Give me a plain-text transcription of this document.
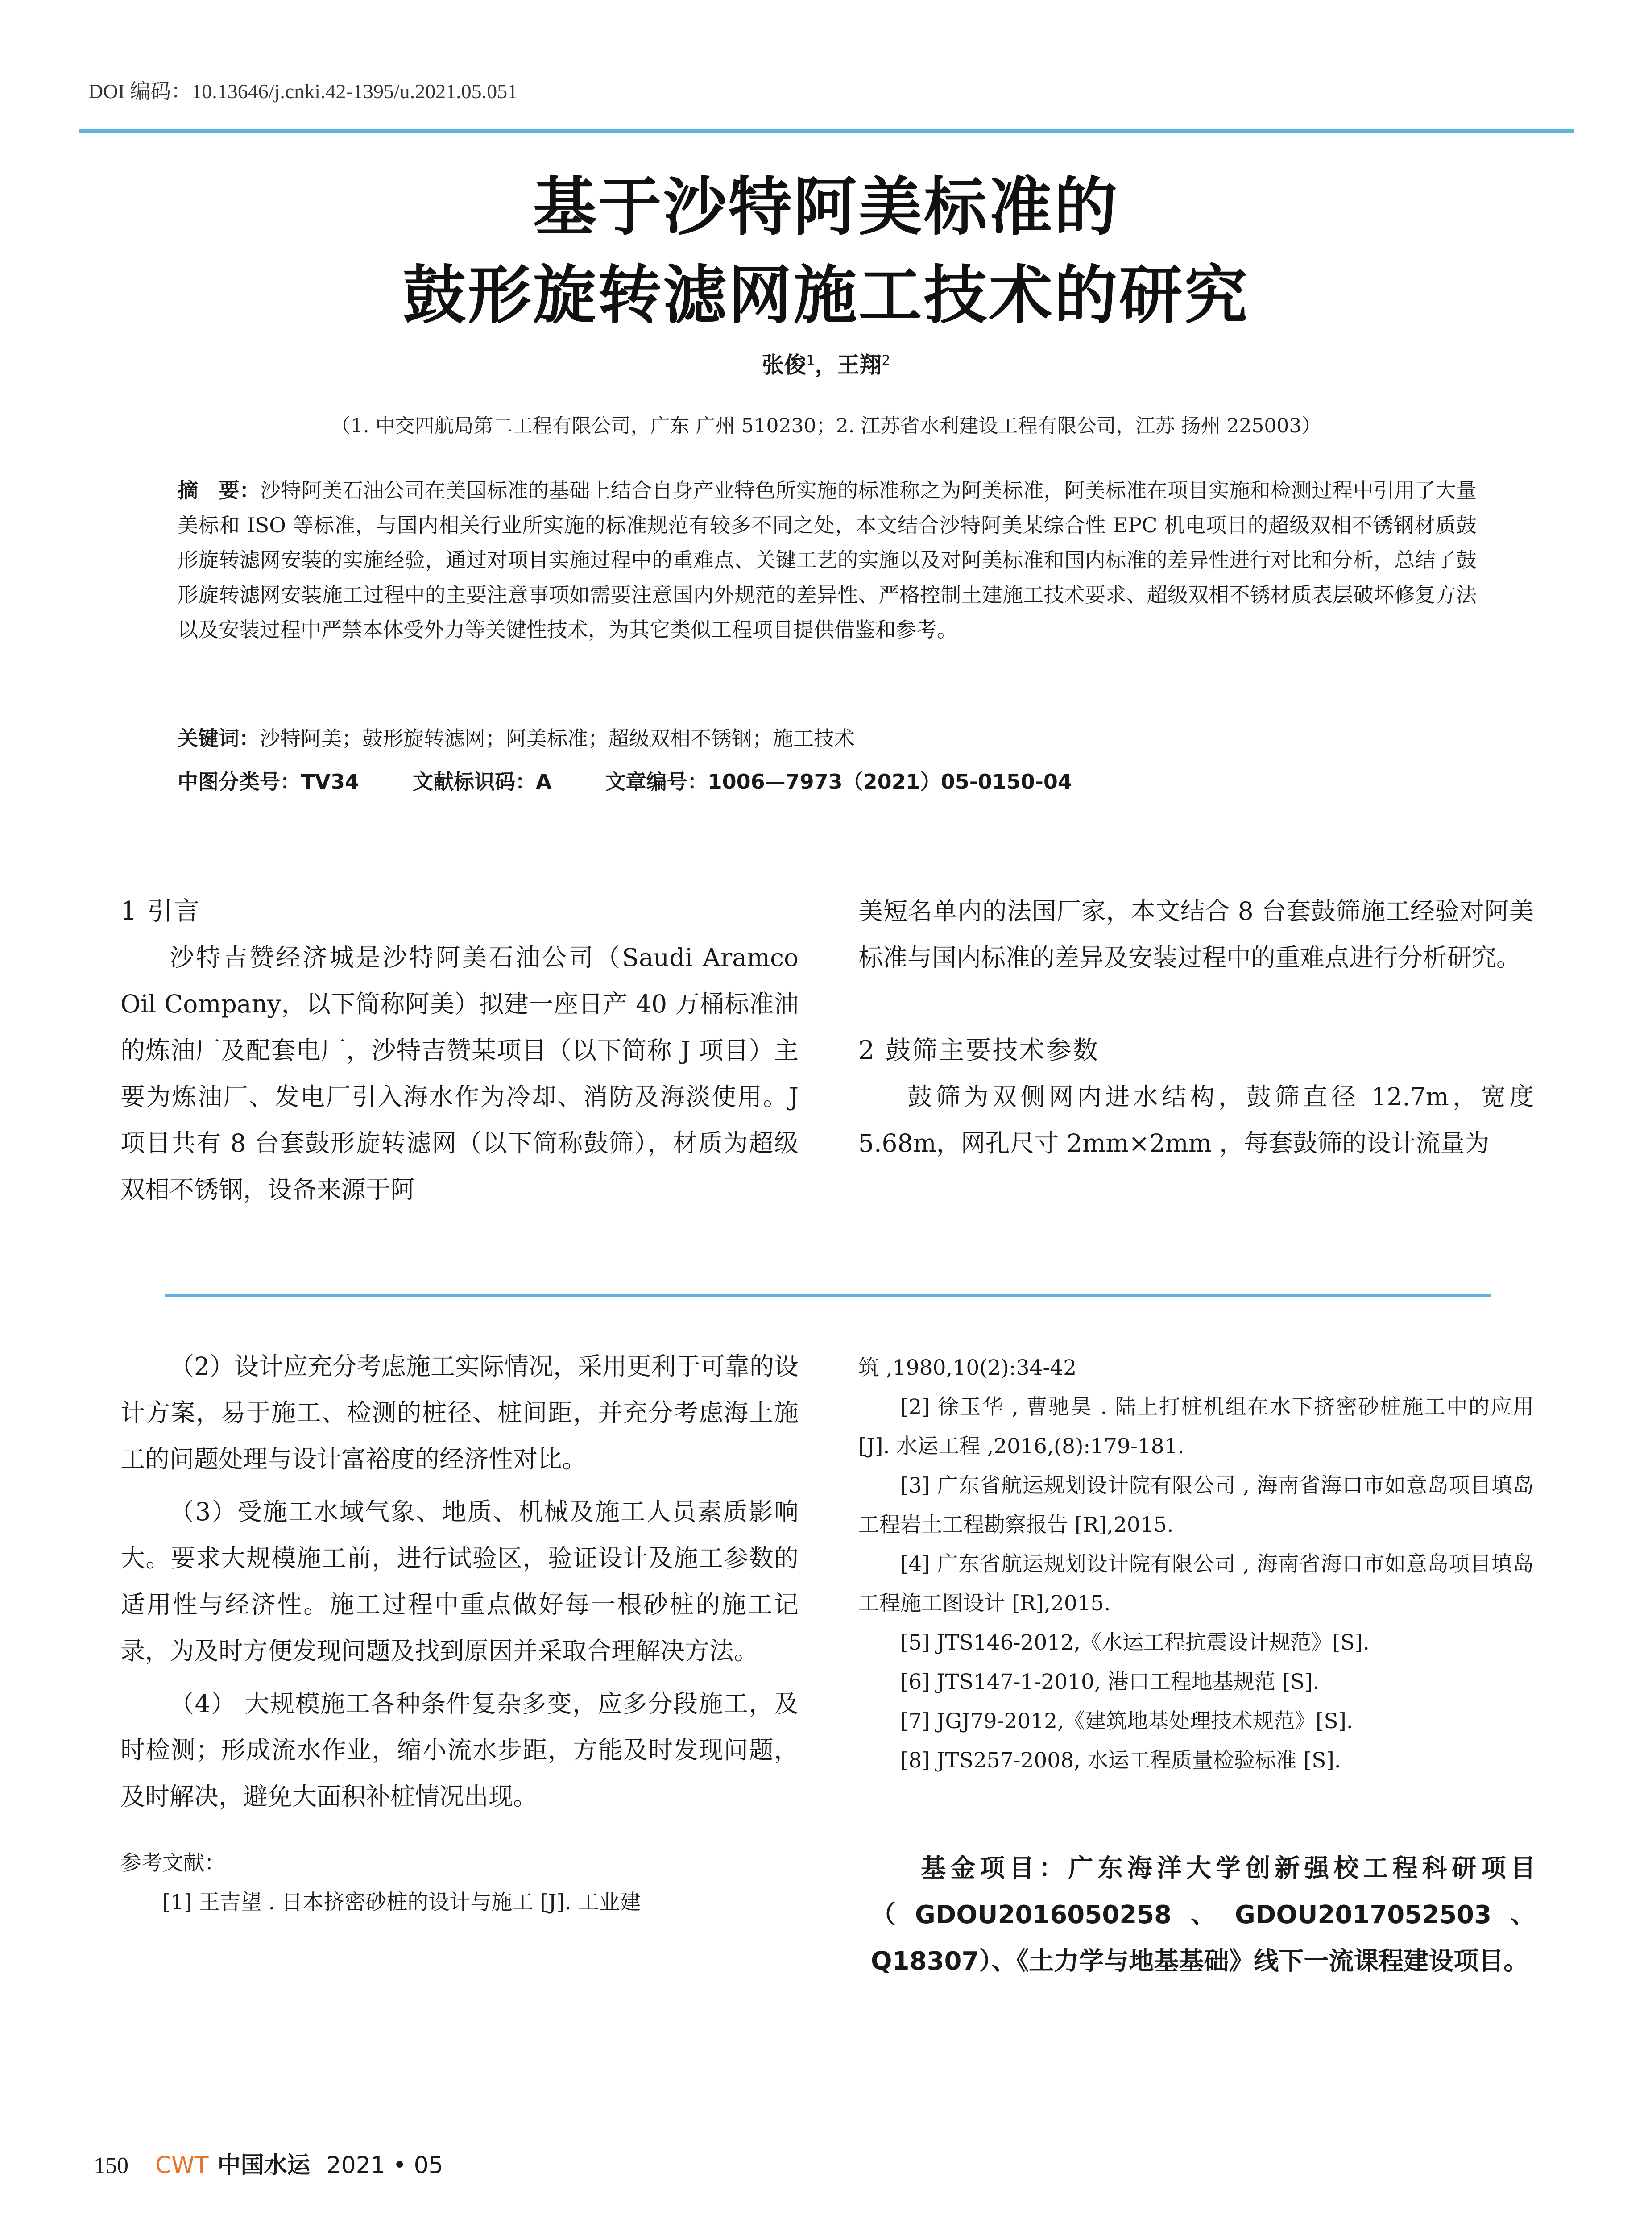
DOI 编码：10.13646/j.cnki.42-1395/u.2021.05.051
基于沙特阿美标准的
鼓形旋转滤网施工技术的研究
张俊$^1$，王翔$^2$
（1. 中交四航局第二工程有限公司，广东 广州 510230；2. 江苏省水利建设工程有限公司，江苏 扬州 225003）
摘　要：沙特阿美石油公司在美国标准的基础上结合自身产业特色所实施的标准称之为阿美标准，阿美标准在项目实施和检测过程中引用了大量美标和 ISO 等标准，与国内相关行业所实施的标准规范有较多不同之处，本文结合沙特阿美某综合性 EPC 机电项目的超级双相不锈钢材质鼓形旋转滤网安装的实施经验，通过对项目实施过程中的重难点、关键工艺的实施以及对阿美标准和国内标准的差异性进行对比和分析，总结了鼓形旋转滤网安装施工过程中的主要注意事项如需要注意国内外规范的差异性、严格控制土建施工技术要求、超级双相不锈材质表层破坏修复方法以及安装过程中严禁本体受外力等关键性技术，为其它类似工程项目提供借鉴和参考。
关键词：沙特阿美；鼓形旋转滤网；阿美标准；超级双相不锈钢；施工技术
中图分类号：TV34	文献标识码：A	文章编号：1006—7973（2021）05-0150-04

1 引言

沙特吉赞经济城是沙特阿美石油公司（Saudi Aramco Oil Company，以下简称阿美）拟建一座日产 40 万桶标准油的炼油厂及配套电厂，沙特吉赞某项目（以下简称 J 项目）主要为炼油厂、发电厂引入海水作为冷却、消防及海淡使用。J 项目共有 8 台套鼓形旋转滤网（以下简称鼓筛），材质为超级双相不锈钢，设备来源于阿

美短名单内的法国厂家，本文结合 8 台套鼓筛施工经验对阿美标准与国内标准的差异及安装过程中的重难点进行分析研究。

2 鼓筛主要技术参数

鼓筛为双侧网内进水结构，鼓筛直径 12.7m，宽度 5.68m，网孔尺寸 2mm×2mm ，每套鼓筛的设计流量为

（2）设计应充分考虑施工实际情况，采用更利于可靠的设计方案，易于施工、检测的桩径、桩间距，并充分考虑海上施工的问题处理与设计富裕度的经济性对比。

（3）受施工水域气象、地质、机械及施工人员素质影响大。要求大规模施工前，进行试验区，验证设计及施工参数的适用性与经济性。施工过程中重点做好每一根砂桩的施工记录，为及时方便发现问题及找到原因并采取合理解决方法。

（4） 大规模施工各种条件复杂多变，应多分段施工，及时检测；形成流水作业，缩小流水步距，方能及时发现问题，及时解决，避免大面积补桩情况出现。

参考文献：
[1] 王吉望 . 日本挤密砂桩的设计与施工 [J]. 工业建
筑 ,1980,10(2):34-42
[2] 徐玉华 , 曹驰昊 . 陆上打桩机组在水下挤密砂桩施工中的应用 [J]. 水运工程 ,2016,(8):179-181.
[3] 广东省航运规划设计院有限公司 , 海南省海口市如意岛项目填岛工程岩土工程勘察报告 [R],2015.
[4] 广东省航运规划设计院有限公司 , 海南省海口市如意岛项目填岛工程施工图设计 [R],2015.
[5] JTS146-2012,《水运工程抗震设计规范》[S].
[6] JTS147-1-2010, 港口工程地基规范 [S].
[7] JGJ79-2012,《建筑地基处理技术规范》[S].
[8] JTS257-2008, 水运工程质量检验标准 [S].
基金项目：广东海洋大学创新强校工程科研项目（GDOU2016050258、GDOU2017052503、Q18307）、《土力学与地基基础》线下一流课程建设项目。
150 CWT 中国水运 2021 • 05
